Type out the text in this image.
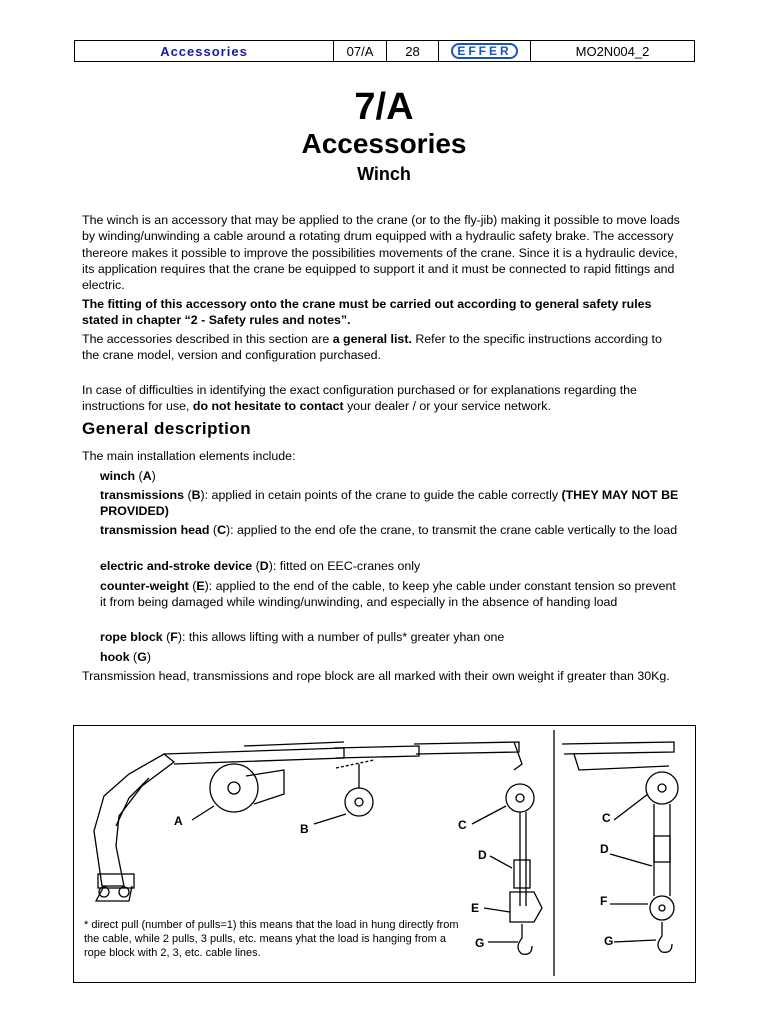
Accessories	07/A	28	EFFER	MO2N004_2
7/A
Accessories
Winch
The winch is an accessory that may be applied to the crane (or to the fly-jib) making it possible to move loads by winding/unwinding a cable around a rotating drum equipped with a hydraulic safety brake. The accessory thereore makes it possible to improve the possibilities movements of the crane. Since it is a hydraulic device, its application requires that the crane be equipped to support it and it must be connected to rapid fittings and electric.
The fitting of this accessory onto the crane must be carried out according to general safety rules stated in chapter “2 - Safety rules and notes”.
The accessories described in this section are a general list. Refer to the specific instructions according to the crane model, version and configuration purchased.
In case of difficulties in identifying the exact configuration purchased or for explanations regarding the instructions for use, do not hesitate to contact your dealer / or your service network.
General description
The main installation elements include:
winch (A)
transmissions (B): applied in cetain points of the crane to guide the cable correctly (THEY MAY NOT BE PROVIDED)
transmission head (C): applied to the end ofe the crane, to transmit the crane cable vertically to the load
electric and-stroke device (D): fitted on EEC-cranes only
counter-weight (E): applied to the end of the cable, to keep yhe cable under constant tension so prevent it from being damaged while winding/unwinding, and especially in the absence of handing load
rope block (F): this allows lifting with a number of pulls* greater yhan one
hook (G)
Transmission head, transmissions and rope block are all marked with their own weight if greater than 30Kg.
A
B	C
D
E
G
C
D
F
G
* direct pull (number of pulls=1) this means that the load in hung directly from the cable, while 2 pulls, 3 pulls, etc. means yhat the load is hanging from a rope block with 2, 3, etc. cable lines.
